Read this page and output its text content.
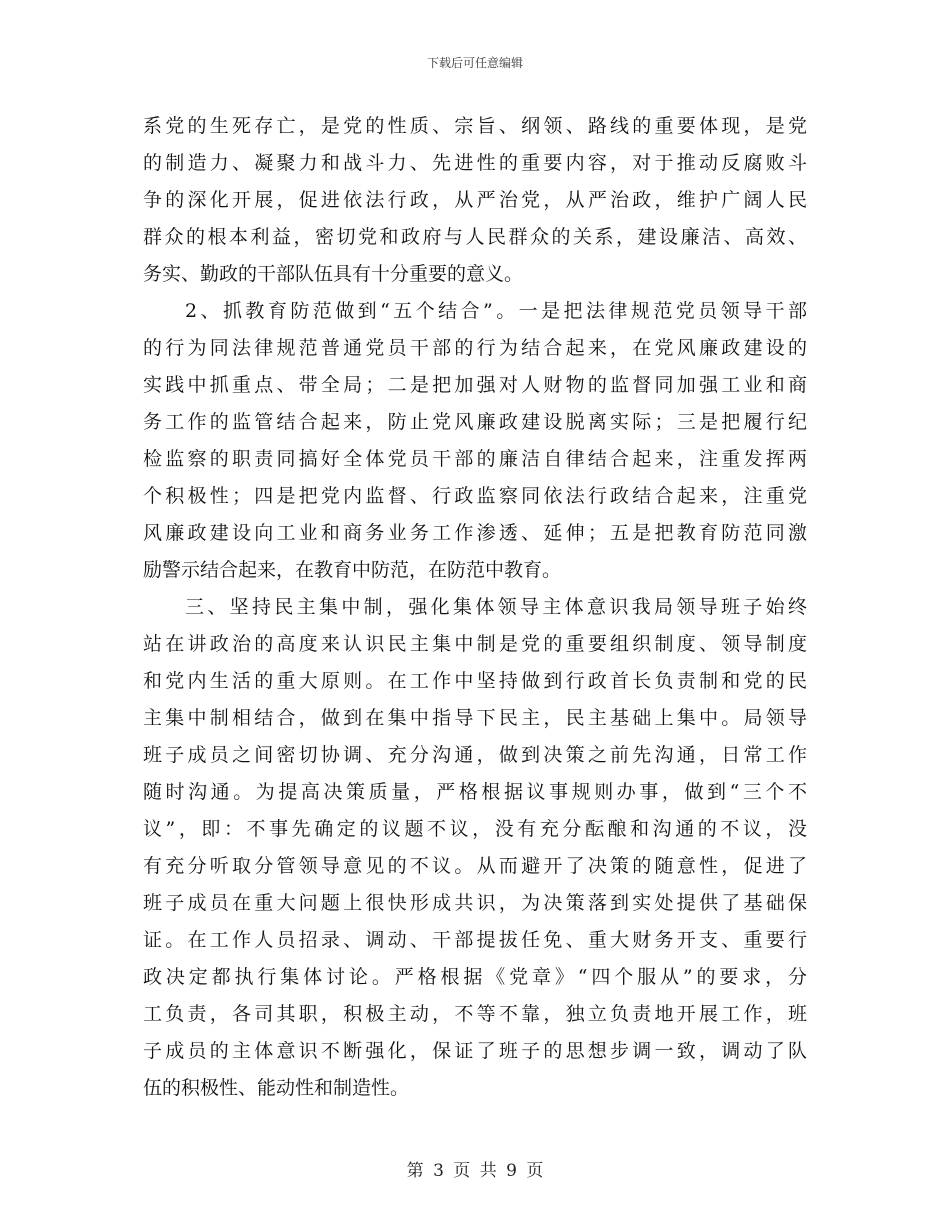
下载后可任意编辑
系党的生死存亡，是党的性质、宗旨、纲领、路线的重要体现，是党
的制造力、凝聚力和战斗力、先进性的重要内容，对于推动反腐败斗
争的深化开展，促进依法行政，从严治党，从严治政，维护广阔人民
群众的根本利益，密切党和政府与人民群众的关系，建设廉洁、高效、
务实、勤政的干部队伍具有十分重要的意义。
2、抓教育防范做到“五个结合”。一是把法律规范党员领导干部
的行为同法律规范普通党员干部的行为结合起来，在党风廉政建设的
实践中抓重点、带全局；二是把加强对人财物的监督同加强工业和商
务工作的监管结合起来，防止党风廉政建设脱离实际；三是把履行纪
检监察的职责同搞好全体党员干部的廉洁自律结合起来，注重发挥两
个积极性；四是把党内监督、行政监察同依法行政结合起来，注重党
风廉政建设向工业和商务业务工作渗透、延伸；五是把教育防范同激
励警示结合起来，在教育中防范，在防范中教育。
三、坚持民主集中制，强化集体领导主体意识我局领导班子始终
站在讲政治的高度来认识民主集中制是党的重要组织制度、领导制度
和党内生活的重大原则。在工作中坚持做到行政首长负责制和党的民
主集中制相结合，做到在集中指导下民主，民主基础上集中。局领导
班子成员之间密切协调、充分沟通，做到决策之前先沟通，日常工作
随时沟通。为提高决策质量，严格根据议事规则办事，做到“三个不
议”，即：不事先确定的议题不议，没有充分酝酿和沟通的不议，没
有充分听取分管领导意见的不议。从而避开了决策的随意性，促进了
班子成员在重大问题上很快形成共识，为决策落到实处提供了基础保
证。在工作人员招录、调动、干部提拔任免、重大财务开支、重要行
政决定都执行集体讨论。严格根据《党章》“四个服从”的要求，分
工负责，各司其职，积极主动，不等不靠，独立负责地开展工作，班
子成员的主体意识不断强化，保证了班子的思想步调一致，调动了队
伍的积极性、能动性和制造性。
第 3 页 共 9 页
